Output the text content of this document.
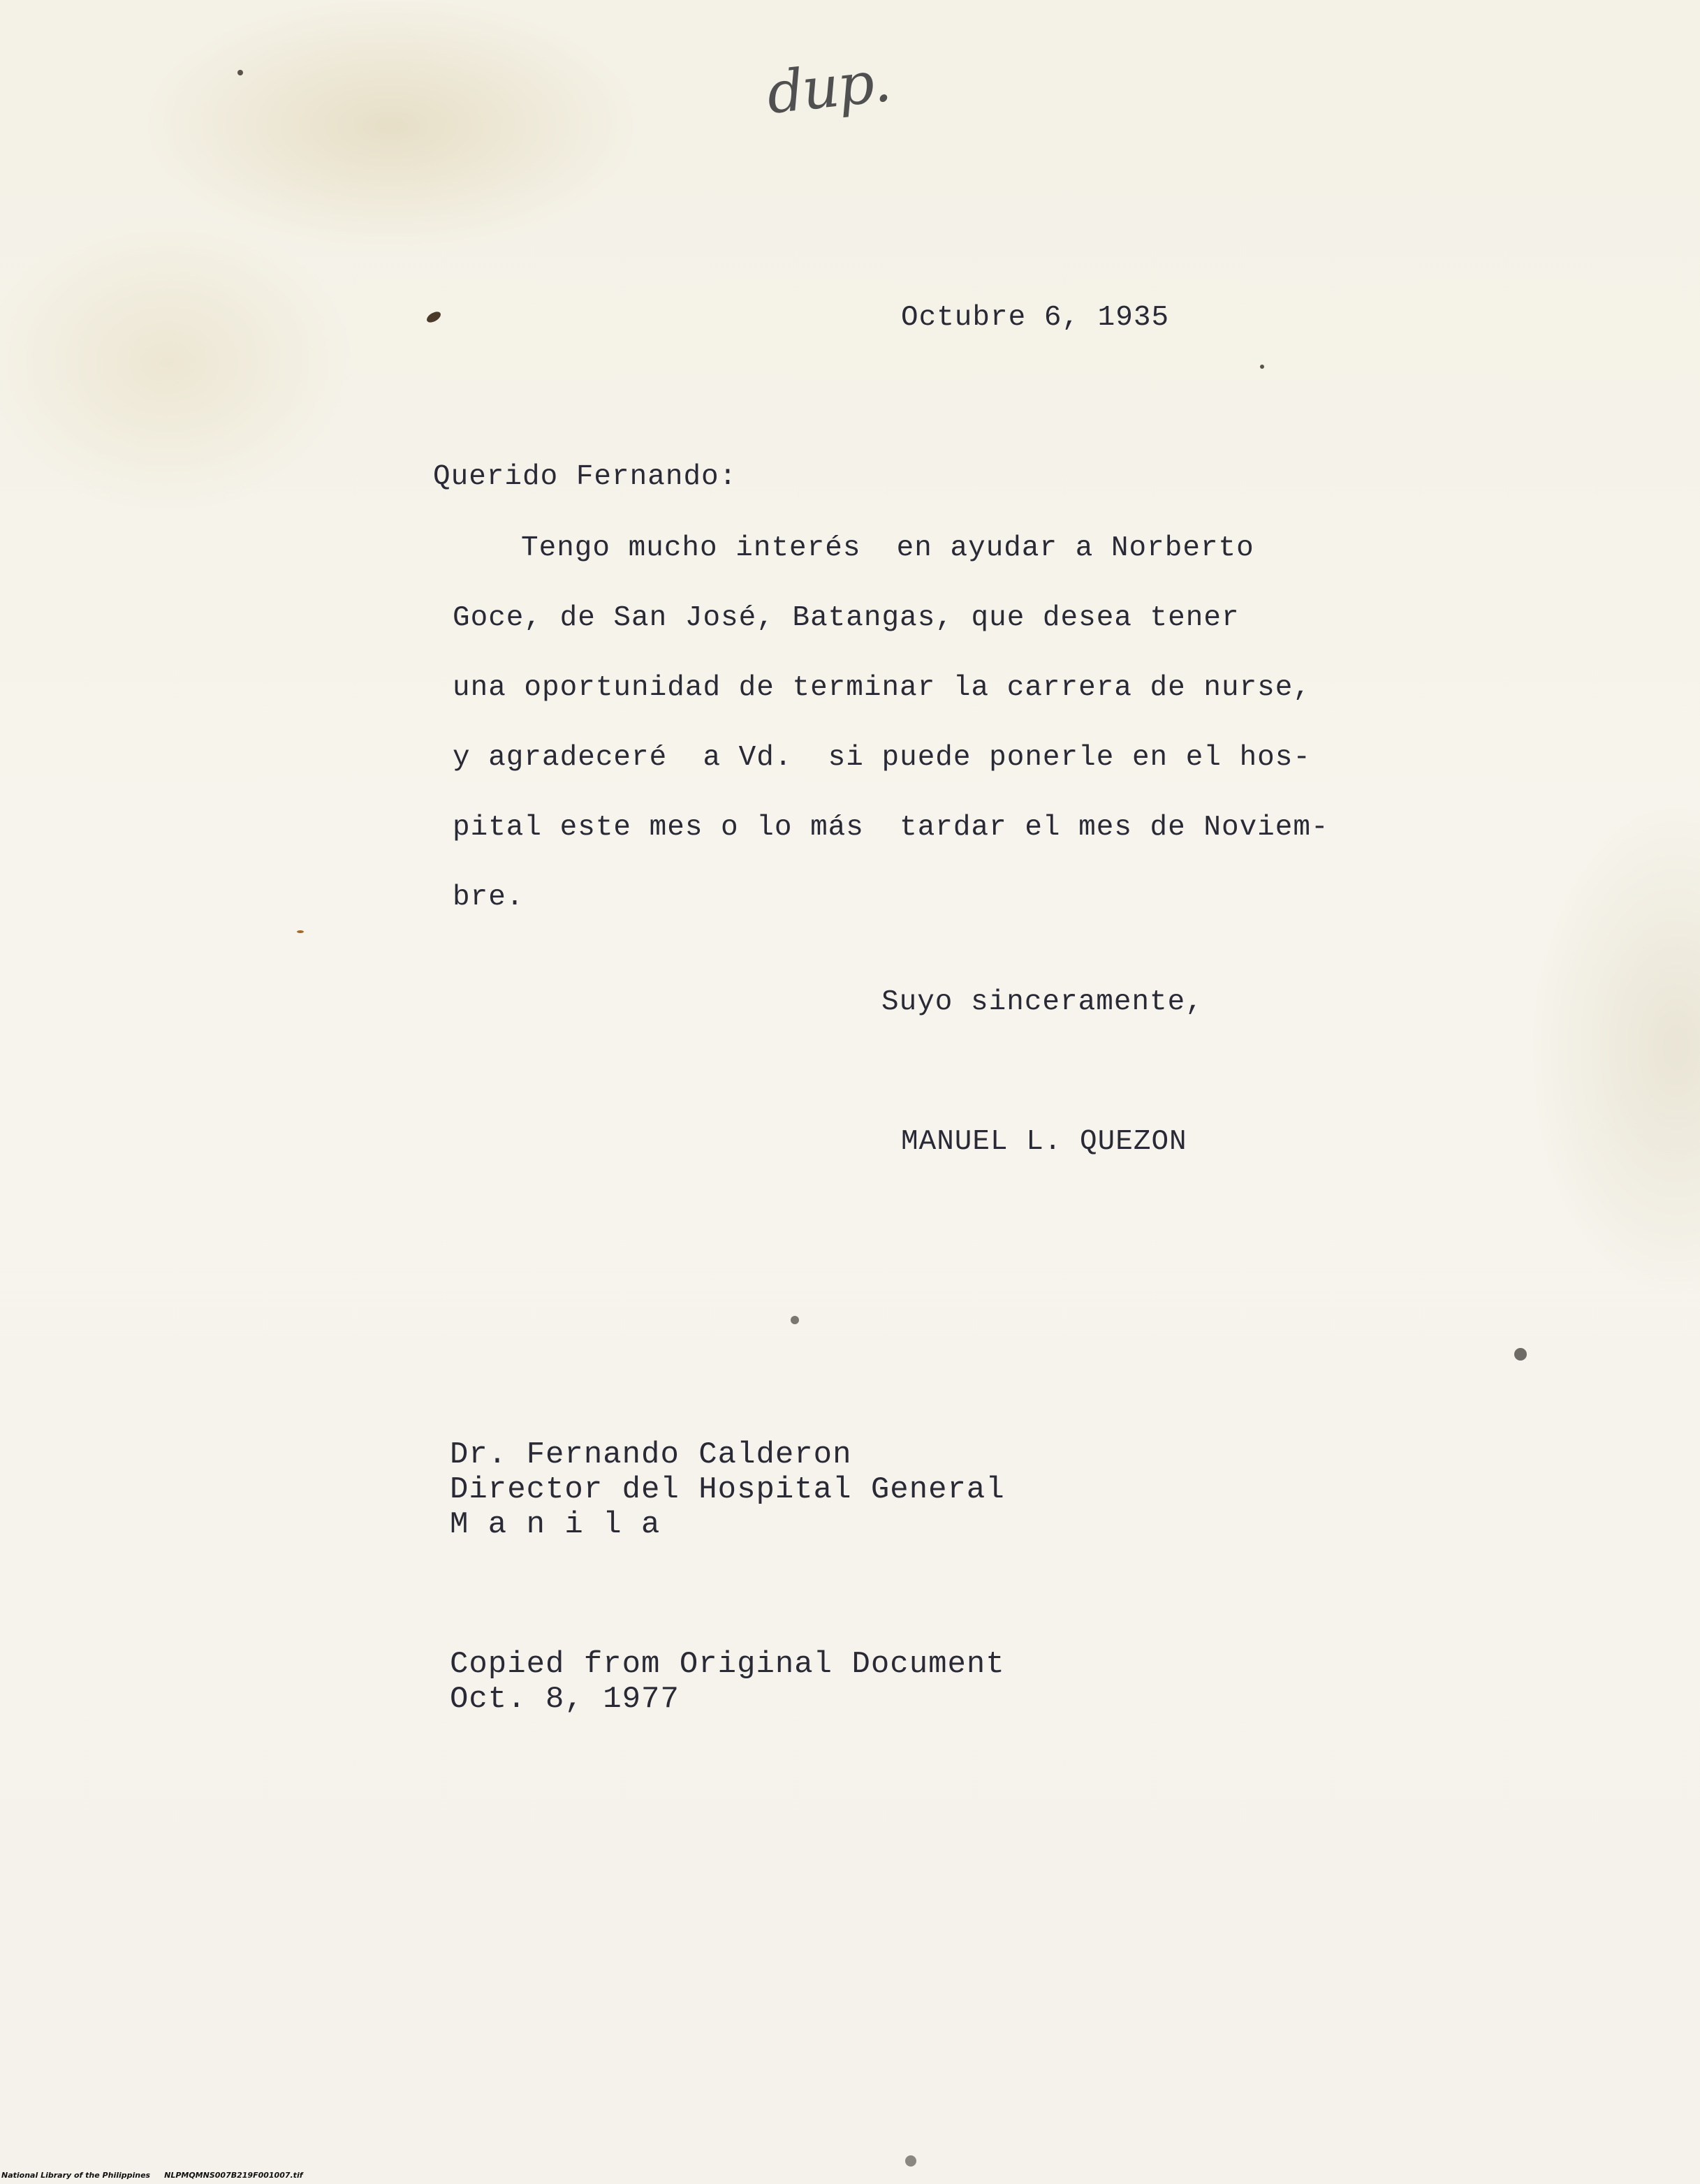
dup.
Octubre 6, 1935
Querido Fernando:
Tengo mucho interés  en ayudar a Norberto
Goce, de San José, Batangas, que desea tener
una oportunidad de terminar la carrera de nurse,
y agradeceré  a Vd.  si puede ponerle en el hos-
pital este mes o lo más  tardar el mes de Noviem-
bre.
Suyo sinceramente,
MANUEL L. QUEZON
Dr. Fernando Calderon
Director del Hospital General
M a n i l a
Copied from Original Document
Oct. 8, 1977
National Library of the Philippines NLPMQMNS007B219F001007.tif
